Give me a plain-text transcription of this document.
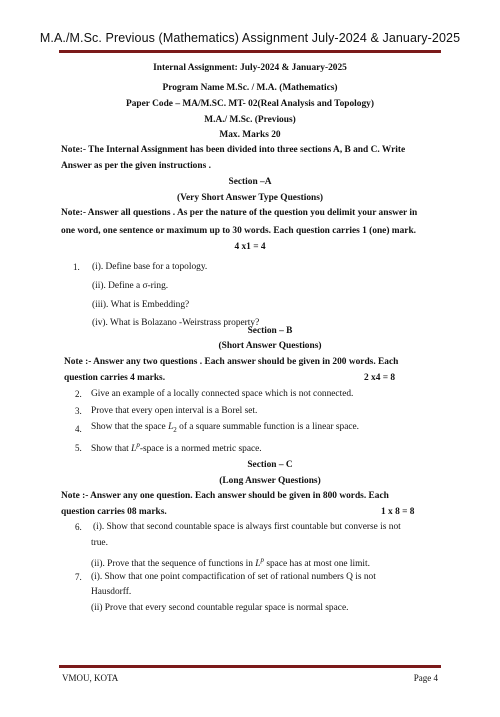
M.A./M.Sc. Previous (Mathematics) Assignment July-2024 & January-2025
Internal Assignment: July-2024 & January-2025
Program Name M.Sc. / M.A. (Mathematics)
Paper Code – MA/M.SC. MT- 02(Real Analysis and Topology)
M.A./ M.Sc. (Previous)
Max. Marks 20
Note:- The Internal Assignment has been divided into three sections A, B and C. Write
Answer as per the given instructions .
Section –A
(Very Short Answer Type Questions)
Note:- Answer all questions . As per the nature of the question you delimit your answer in
one word, one sentence or maximum up to 30 words. Each question carries 1 (one) mark.
4 x1 = 4
1. (i). Define base for a topology.
(ii). Define a σ-ring.
(iii). What is Embedding?
(iv). What is Bolazano -Weirstrass property?
Section – B
(Short Answer Questions)
Note :- Answer any two questions . Each answer should be given in 200 words. Each
question carries 4 marks.	2 x4 = 8
2. Give an example of a locally connected space which is not connected.
3. Prove that every open interval is a Borel set.
4. Show that the space $L_2$ of a square summable function is a linear space.
5. Show that $L^p$-space is a normed metric space.
Section – C
(Long Answer Questions)
Note :- Answer any one question. Each answer should be given in 800 words. Each
question carries 08 marks.	1 x 8 = 8
6. (i). Show that second countable space is always first countable but converse is not
true.
(ii). Prove that the sequence of functions in $L^p$ space has at most one limit.
7. (i). Show that one point compactification of set of rational numbers Q is not
Hausdorff.
(ii) Prove that every second countable regular space is normal space.
VMOU, KOTA	Page 4
